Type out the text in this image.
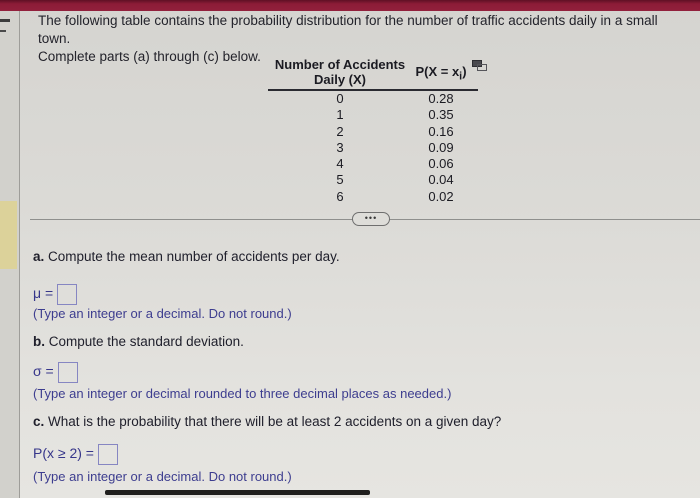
The following table contains the probability distribution for the number of traffic accidents daily in a small town.
Complete parts (a) through (c) below.
Number of Accidents
Daily (X)
$P(X = x_i)$
0	0.28
1	0.35
2	0.16
3	0.09
4	0.06
5	0.04
6	0.02
•••
a. Compute the mean number of accidents per day.
μ =
(Type an integer or a decimal. Do not round.)
b. Compute the standard deviation.
σ =
(Type an integer or decimal rounded to three decimal places as needed.)
c. What is the probability that there will be at least 2 accidents on a given day?
P(x ≥ 2) =
(Type an integer or a decimal. Do not round.)
